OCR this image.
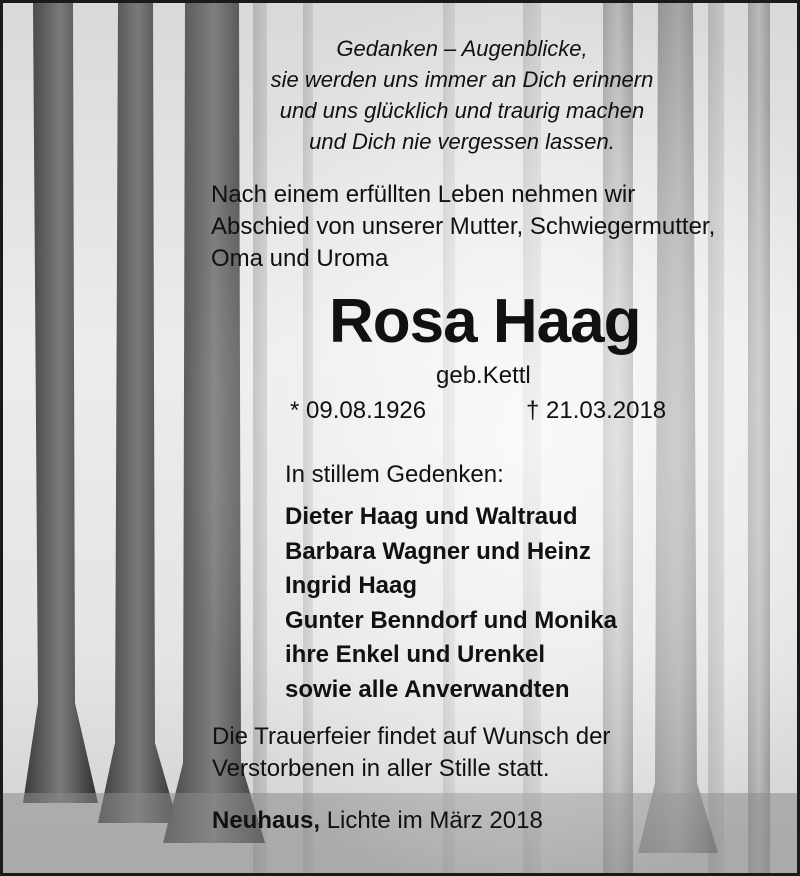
Gedanken – Augenblicke,
sie werden uns immer an Dich erinnern
und uns glücklich und traurig machen
und Dich nie vergessen lassen.
Nach einem erfüllten Leben nehmen wir
Abschied von unserer Mutter, Schwiegermutter,
Oma und Uroma
Rosa Haag
geb.Kettl
* 09.08.1926	† 21.03.2018
In stillem Gedenken:
Dieter Haag und Waltraud
Barbara Wagner und Heinz
Ingrid Haag
Gunter Benndorf und Monika
ihre Enkel und Urenkel
sowie alle Anverwandten
Die Trauerfeier findet auf Wunsch der
Verstorbenen in aller Stille statt.
Neuhaus, Lichte im März 2018
